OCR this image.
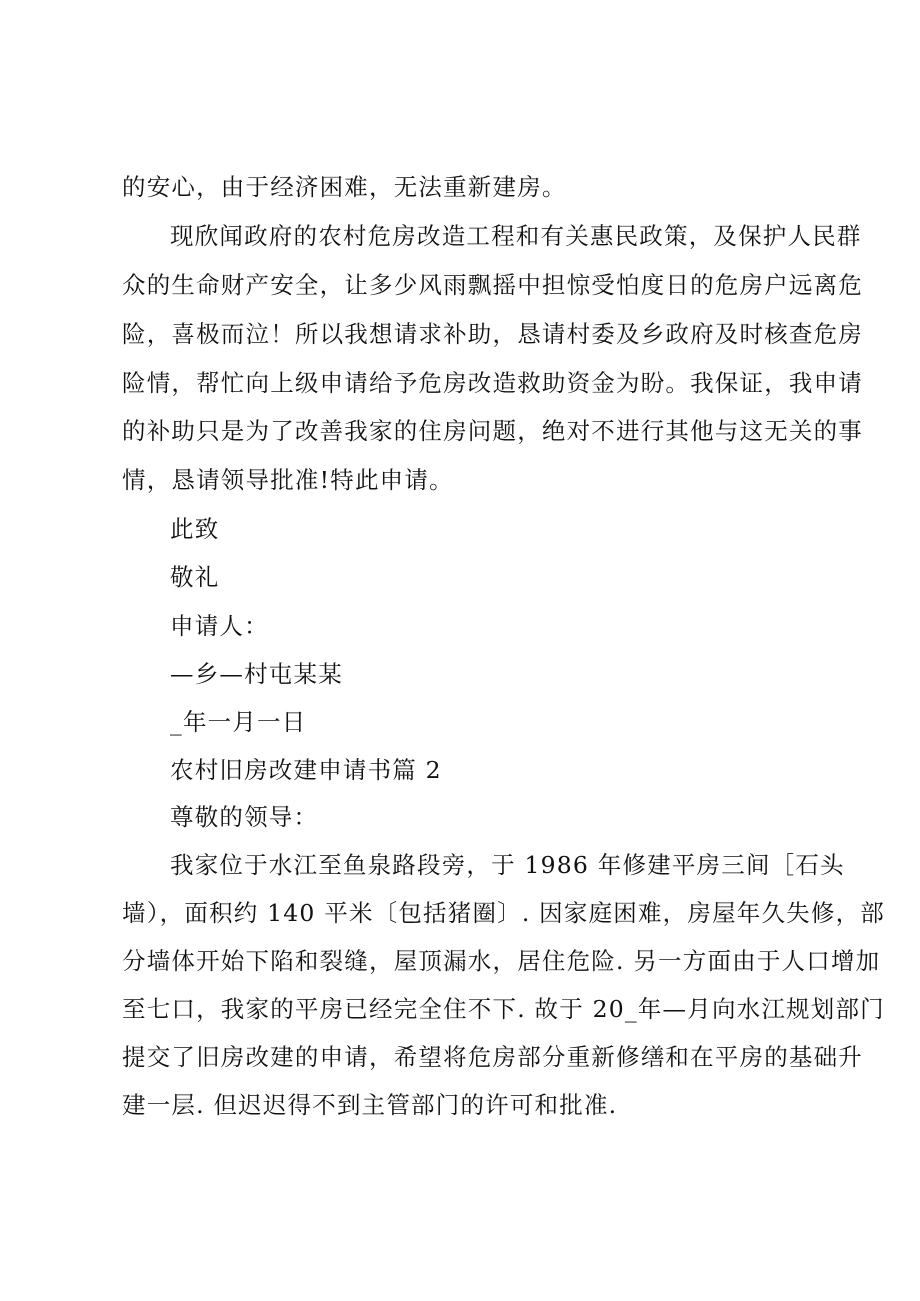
的安心，由于经济困难，无法重新建房。
现欣闻政府的农村危房改造工程和有关惠民政策，及保护人民群
众的生命财产安全，让多少风雨飘摇中担惊受怕度日的危房户远离危
险，喜极而泣！所以我想请求补助，恳请村委及乡政府及时核查危房
险情，帮忙向上级申请给予危房改造救助资金为盼。我保证，我申请
的补助只是为了改善我家的住房问题，绝对不进行其他与这无关的事
情，恳请领导批准!特此申请。
此致
敬礼
申请人：
—乡—村屯某某
_年一月一日
农村旧房改建申请书篇 2
尊敬的领导：
我家位于水江至鱼泉路段旁，于 1986 年修建平房三间［石头
墙），面积约 140 平米〔包括猪圈〕. 因家庭困难，房屋年久失修，部
分墙体开始下陷和裂缝，屋顶漏水，居住危险. 另一方面由于人口增加
至七口，我家的平房已经完全住不下. 故于 20_年—月向水江规划部门
提交了旧房改建的申请，希望将危房部分重新修缮和在平房的基础升
建一层. 但迟迟得不到主管部门的许可和批准.
